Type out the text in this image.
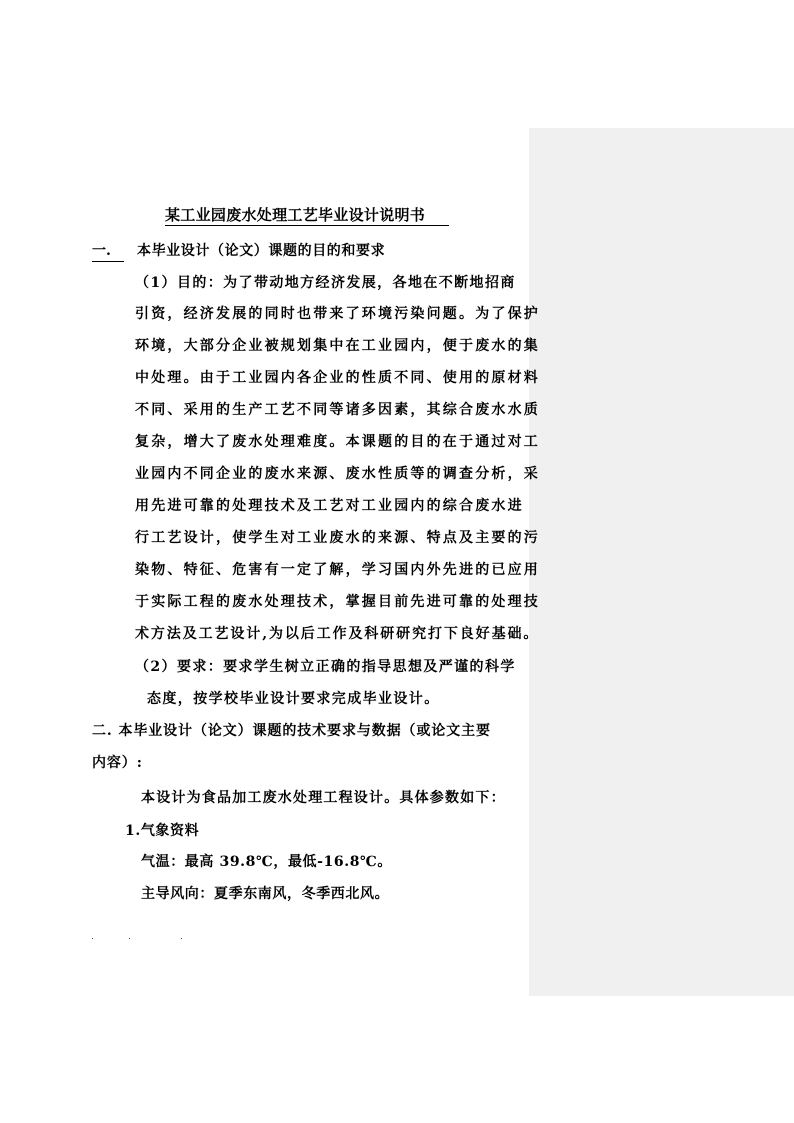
某工业园废水处理工艺毕业设计说明书
一.	本毕业设计（论文）课题的目的和要求
（1）目的：为了带动地方经济发展，各地在不断地招商
引资，经济发展的同时也带来了环境污染问题。为了保护
环境，大部分企业被规划集中在工业园内，便于废水的集
中处理。由于工业园内各企业的性质不同、使用的原材料
不同、采用的生产工艺不同等诸多因素，其综合废水水质
复杂，增大了废水处理难度。本课题的目的在于通过对工
业园内不同企业的废水来源、废水性质等的调查分析，采
用先进可靠的处理技术及工艺对工业园内的综合废水进
行工艺设计，使学生对工业废水的来源、特点及主要的污
染物、特征、危害有一定了解，学习国内外先进的已应用
于实际工程的废水处理技术，掌握目前先进可靠的处理技
术方法及工艺设计,为以后工作及科研研究打下良好基础。
（2）要求：要求学生树立正确的指导思想及严谨的科学
态度，按学校毕业设计要求完成毕业设计。
二. 本毕业设计（论文）课题的技术要求与数据（或论文主要
内容）:
本设计为食品加工废水处理工程设计。具体参数如下：
1.气象资料
气温：最高 39.8℃，最低-16.8℃。
主导风向：夏季东南风，冬季西北风。
